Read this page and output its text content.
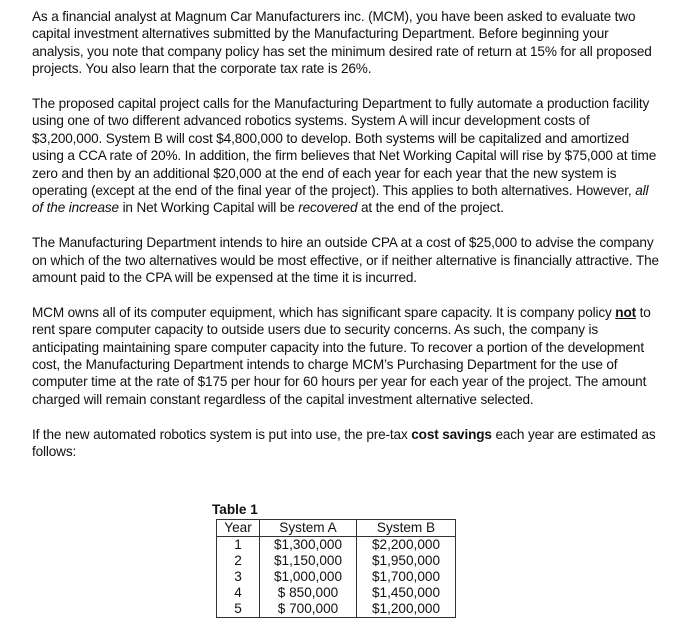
As a financial analyst at Magnum Car Manufacturers inc. (MCM), you have been asked to evaluate two capital investment alternatives submitted by the Manufacturing Department. Before beginning your analysis, you note that company policy has set the minimum desired rate of return at 15% for all proposed projects. You also learn that the corporate tax rate is 26%.

The proposed capital project calls for the Manufacturing Department to fully automate a production facility using one of two different advanced robotics systems. System A will incur development costs of $3,200,000. System B will cost $4,800,000 to develop. Both systems will be capitalized and amortized using a CCA rate of 20%. In addition, the firm believes that Net Working Capital will rise by $75,000 at time zero and then by an additional $20,000 at the end of each year for each year that the new system is operating (except at the end of the final year of the project). This applies to both alternatives. However, all of the increase in Net Working Capital will be recovered at the end of the project.

The Manufacturing Department intends to hire an outside CPA at a cost of $25,000 to advise the company on which of the two alternatives would be most effective, or if neither alternative is financially attractive. The amount paid to the CPA will be expensed at the time it is incurred.

MCM owns all of its computer equipment, which has significant spare capacity. It is company policy not to rent spare computer capacity to outside users due to security concerns. As such, the company is anticipating maintaining spare computer capacity into the future. To recover a portion of the development cost, the Manufacturing Department intends to charge MCM’s Purchasing Department for the use of computer time at the rate of $175 per hour for 60 hours per year for each year of the project. The amount charged will remain constant regardless of the capital investment alternative selected.

If the new automated robotics system is put into use, the pre-tax cost savings each year are estimated as follows:

Table 1
Year	System A	System B
1	$1,300,000	$2,200,000
2	$1,150,000	$1,950,000
3	$1,000,000	$1,700,000
4	$ 850,000	$1,450,000
5	$ 700,000	$1,200,000
